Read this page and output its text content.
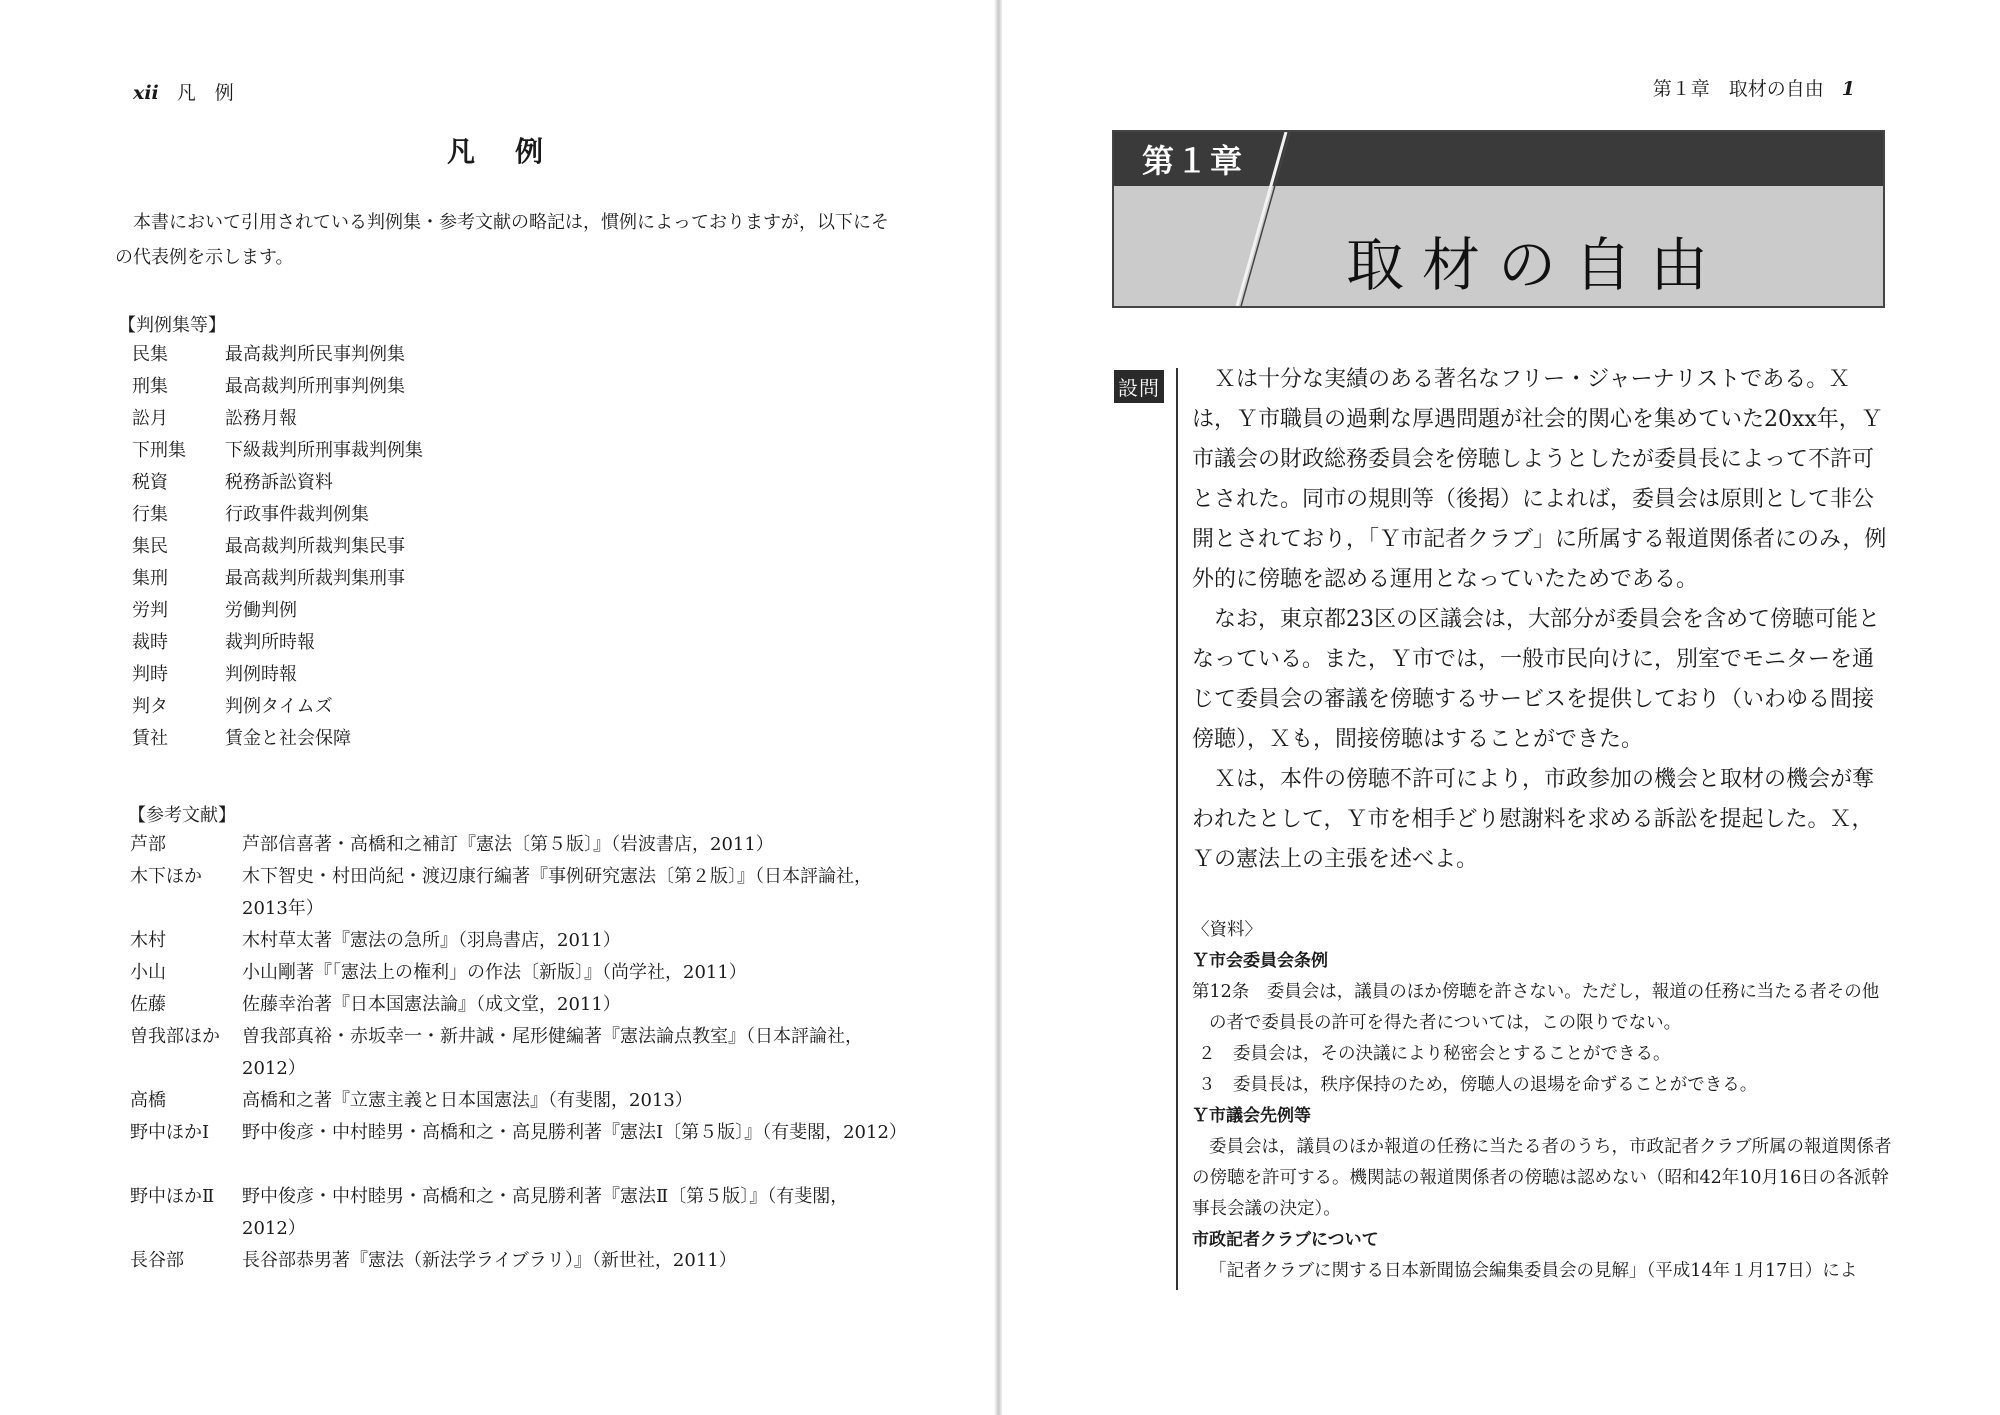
xii 凡　例
凡例
本書において引用されている判例集・参考文献の略記は，慣例によっておりますが，以下にその代表例を示します。
【判例集等】
民集	最高裁判所民事判例集
刑集	最高裁判所刑事判例集
訟月	訟務月報
下刑集 下級裁判所刑事裁判例集
税資	税務訴訟資料
行集	行政事件裁判例集
集民	最高裁判所裁判集民事
集刑	最高裁判所裁判集刑事
労判	労働判例
裁時	裁判所時報
判時	判例時報
判タ	判例タイムズ
賃社	賃金と社会保障
【参考文献】
芦部	芦部信喜著・高橋和之補訂『憲法〔第５版〕』（岩波書店，2011）
木下ほか 木下智史・村田尚紀・渡辺康行編著『事例研究憲法〔第２版〕』（日本評論社，2013年）
木村	木村草太著『憲法の急所』（羽鳥書店，2011）
小山	小山剛著『「憲法上の権利」の作法〔新版〕』（尚学社，2011）
佐藤	佐藤幸治著『日本国憲法論』（成文堂，2011）
曽我部ほか 曽我部真裕・赤坂幸一・新井誠・尾形健編著『憲法論点教室』（日本評論社，2012）
高橋	高橋和之著『立憲主義と日本国憲法』（有斐閣，2013）
野中ほかⅠ 野中俊彦・中村睦男・高橋和之・高見勝利著『憲法Ⅰ〔第５版〕』（有斐閣，2012）
野中ほかⅡ 野中俊彦・中村睦男・高橋和之・高見勝利著『憲法Ⅱ〔第５版〕』（有斐閣，2012）
長谷部	長谷部恭男著『憲法（新法学ライブラリ）』（新世社，2011）
第１章　取材の自由 1
第１章
取材の自由
設問	Ｘは十分な実績のある著名なフリー・ジャーナリストである。Ｘは，Ｙ市職員の過剰な厚遇問題が社会的関心を集めていた20xx年，Ｙ市議会の財政総務委員会を傍聴しようとしたが委員長によって不許可とされた。同市の規則等（後掲）によれば，委員会は原則として非公開とされており，「Ｙ市記者クラブ」に所属する報道関係者にのみ，例外的に傍聴を認める運用となっていたためである。

なお，東京都23区の区議会は，大部分が委員会を含めて傍聴可能となっている。また，Ｙ市では，一般市民向けに，別室でモニターを通じて委員会の審議を傍聴するサービスを提供しており（いわゆる間接傍聴），Ｘも，間接傍聴はすることができた。

Ｘは，本件の傍聴不許可により，市政参加の機会と取材の機会が奪われたとして，Ｙ市を相手どり慰謝料を求める訴訟を提起した。Ｘ，Ｙの憲法上の主張を述べよ。

〈資料〉

Ｙ市会委員会条例

第12条　委員会は，議員のほか傍聴を許さない。ただし，報道の任務に当たる者その他の者で委員長の許可を得た者については，この限りでない。

２　委員会は，その決議により秘密会とすることができる。

３　委員長は，秩序保持のため，傍聴人の退場を命ずることができる。

Ｙ市議会先例等

委員会は，議員のほか報道の任務に当たる者のうち，市政記者クラブ所属の報道関係者の傍聴を許可する。機関誌の報道関係者の傍聴は認めない（昭和42年10月16日の各派幹事長会議の決定）。

市政記者クラブについて

「記者クラブに関する日本新聞協会編集委員会の見解」（平成14年１月17日）によ
